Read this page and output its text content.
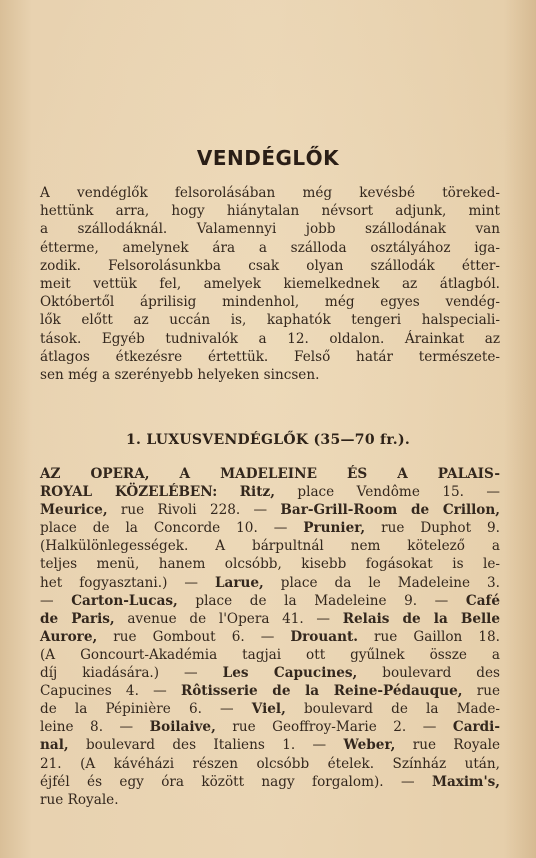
VENDÉGLŐK
A vendéglők felsorolásában még kevésbé töreked-
hettünk arra, hogy hiánytalan névsort adjunk, mint
a szállodáknál. Valamennyi jobb szállodának van
étterme, amelynek ára a szálloda osztályához iga-
zodik. Felsorolásunkba csak olyan szállodák étter-
meit vettük fel, amelyek kiemelkednek az átlagból.
Októbertől áprilisig mindenhol, még egyes vendég-
lők előtt az uccán is, kaphatók tengeri halspeciali-
tások. Egyéb tudnivalók a 12. oldalon. Árainkat az
átlagos étkezésre értettük. Felső határ természete-
sen még a szerényebb helyeken sincsen.
1. LUXUSVENDÉGLŐK (35—70 fr.).
AZ OPERA, A MADELEINE ÉS A PALAIS-
ROYAL KÖZELÉBEN: Ritz, place Vendôme 15. —
Meurice, rue Rivoli 228. — Bar-Grill-Room de Crillon,
place de la Concorde 10. — Prunier, rue Duphot 9.
(Halkülönlegességek. A bárpultnál nem kötelező a
teljes menü, hanem olcsóbb, kisebb fogásokat is le-
het fogyasztani.) — Larue, place da le Madeleine 3.
— Carton-Lucas, place de la Madeleine 9. — Café
de Paris, avenue de l'Opera 41. — Relais de la Belle
Aurore, rue Gombout 6. — Drouant. rue Gaillon 18.
(A Goncourt-Akadémia tagjai ott gyűlnek össze a
díj kiadására.) — Les Capucines, boulevard des
Capucines 4. — Rôtisserie de la Reine-Pédauque, rue
de la Pépinière 6. — Viel, boulevard de la Made-
leine 8. — Boilaive, rue Geoffroy-Marie 2. — Cardi-
nal, boulevard des Italiens 1. — Weber, rue Royale
21. (A kávéházi részen olcsóbb ételek. Színház után,
éjfél és egy óra között nagy forgalom). — Maxim's,
rue Royale.
